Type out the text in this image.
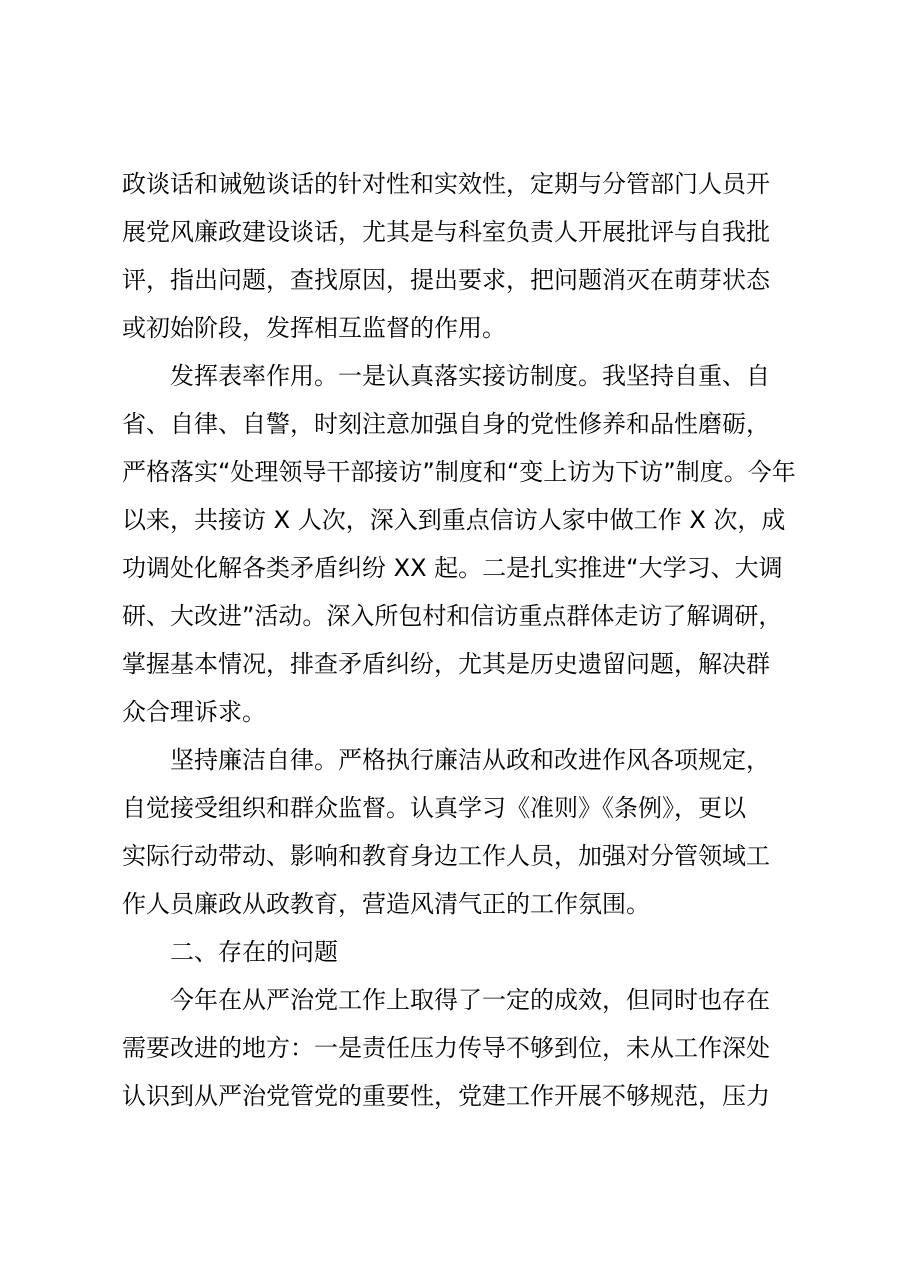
政谈话和诫勉谈话的针对性和实效性，定期与分管部门人员开
展党风廉政建设谈话，尤其是与科室负责人开展批评与自我批
评，指出问题，查找原因，提出要求，把问题消灭在萌芽状态
或初始阶段，发挥相互监督的作用。
发挥表率作用。一是认真落实接访制度。我坚持自重、自
省、自律、自警，时刻注意加强自身的党性修养和品性磨砺，
严格落实“处理领导干部接访”制度和“变上访为下访”制度。今年
以来，共接访 X 人次，深入到重点信访人家中做工作 X 次，成
功调处化解各类矛盾纠纷 XX 起。二是扎实推进“大学习、大调
研、大改进”活动。深入所包村和信访重点群体走访了解调研，
掌握基本情况，排查矛盾纠纷，尤其是历史遗留问题，解决群
众合理诉求。
坚持廉洁自律。严格执行廉洁从政和改进作风各项规定，
自觉接受组织和群众监督。认真学习《准则》《条例》，更以
实际行动带动、影响和教育身边工作人员，加强对分管领域工
作人员廉政从政教育，营造风清气正的工作氛围。
二、存在的问题
今年在从严治党工作上取得了一定的成效，但同时也存在
需要改进的地方：一是责任压力传导不够到位，未从工作深处
认识到从严治党管党的重要性，党建工作开展不够规范，压力
